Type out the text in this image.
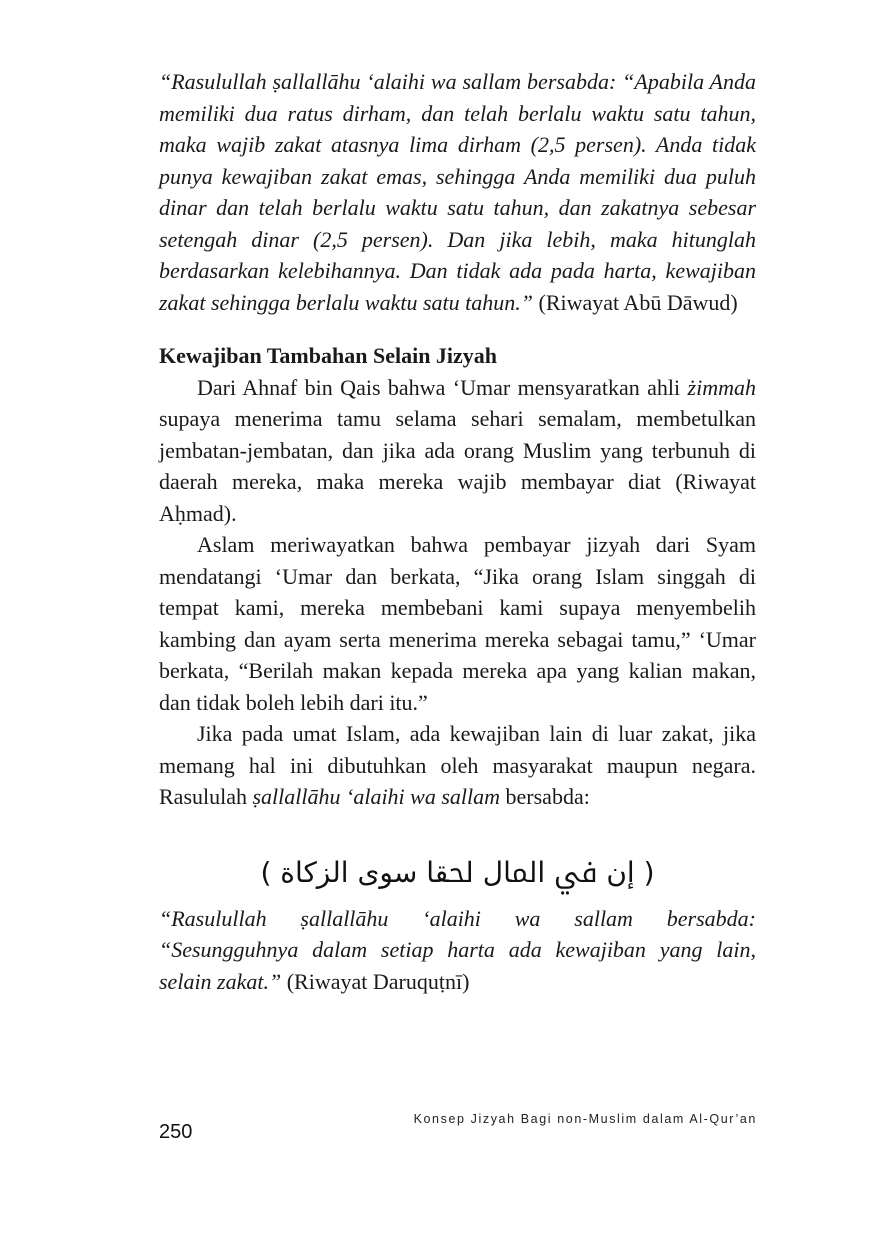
“Rasulullah ṣallallāhu ‘alaihi wa sallam bersabda: “Apabila Anda memiliki dua ratus dirham, dan telah berlalu waktu satu tahun, maka wajib zakat atasnya lima dirham (2,5 persen). Anda tidak punya kewajiban zakat emas, sehingga Anda memiliki dua puluh dinar dan telah berlalu waktu satu tahun, dan zakatnya sebesar setengah dinar (2,5 persen). Dan jika lebih, maka hitunglah berdasarkan kelebihannya. Dan tidak ada pada harta, kewajiban zakat sehingga berlalu waktu satu tahun.” (Riwayat Abū Dāwud)

Kewajiban Tambahan Selain Jizyah

Dari Ahnaf bin Qais bahwa ‘Umar mensyaratkan ahli żimmah supaya menerima tamu selama sehari semalam, membetulkan jembatan-jembatan, dan jika ada orang Muslim yang terbunuh di daerah mereka, maka mereka wajib membayar diat (Riwayat Aḥmad).

Aslam meriwayatkan bahwa pembayar jizyah dari Syam mendatangi ‘Umar dan berkata, “Jika orang Islam singgah di tempat kami, mereka membebani kami supaya menyembelih kambing dan ayam serta menerima mereka sebagai tamu,” ‘Umar berkata, “Berilah makan kepada mereka apa yang kalian makan, dan tidak boleh lebih dari itu.”

Jika pada umat Islam, ada kewajiban lain di luar zakat, jika memang hal ini dibutuhkan oleh masyarakat maupun negara. Rasululah ṣallallāhu ‘alaihi wa sallam bersabda:

( ﺇﻥ ﰲ ﺍﳌﺎﻝ ﳊﻘﺎ ﺳﻮﻯ ﺍﻟﺰﻛﺎﺓ )

“Rasulullah ṣallallāhu ‘alaihi wa sallam bersabda: “Sesungguhnya dalam setiap harta ada kewajiban yang lain, selain zakat.” (Riwayat Daruquṭnī)

Konsep Jizyah Bagi non-Muslim dalam Al-Qur’an
250
